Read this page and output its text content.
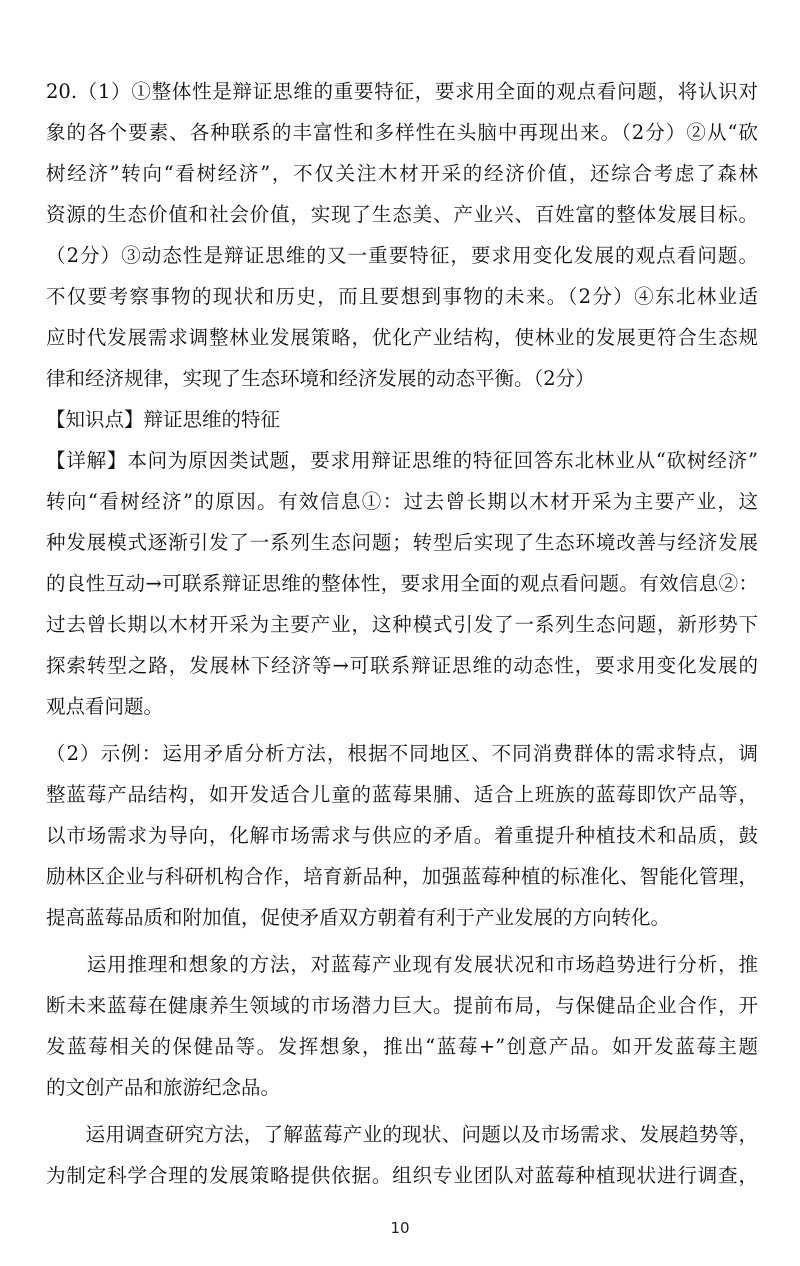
20.（1）①整体性是辩证思维的重要特征，要求用全面的观点看问题，将认识对
象的各个要素、各种联系的丰富性和多样性在头脑中再现出来。（2分）②从“砍
树经济”转向“看树经济”，不仅关注木材开采的经济价值，还综合考虑了森林
资源的生态价值和社会价值，实现了生态美、产业兴、百姓富的整体发展目标。
（2分）③动态性是辩证思维的又一重要特征，要求用变化发展的观点看问题。
不仅要考察事物的现状和历史，而且要想到事物的未来。（2分）④东北林业适
应时代发展需求调整林业发展策略，优化产业结构，使林业的发展更符合生态规
律和经济规律，实现了生态环境和经济发展的动态平衡。（2分）
【知识点】辩证思维的特征
【详解】本问为原因类试题，要求用辩证思维的特征回答东北林业从“砍树经济”
转向“看树经济”的原因。有效信息①：过去曾长期以木材开采为主要产业，这
种发展模式逐渐引发了一系列生态问题；转型后实现了生态环境改善与经济发展
的良性互动→可联系辩证思维的整体性，要求用全面的观点看问题。有效信息②：
过去曾长期以木材开采为主要产业，这种模式引发了一系列生态问题，新形势下
探索转型之路，发展林下经济等→可联系辩证思维的动态性，要求用变化发展的
观点看问题。
（2）示例：运用矛盾分析方法，根据不同地区、不同消费群体的需求特点，调
整蓝莓产品结构，如开发适合儿童的蓝莓果脯、适合上班族的蓝莓即饮产品等，
以市场需求为导向，化解市场需求与供应的矛盾。着重提升种植技术和品质，鼓
励林区企业与科研机构合作，培育新品种，加强蓝莓种植的标准化、智能化管理，
提高蓝莓品质和附加值，促使矛盾双方朝着有利于产业发展的方向转化。
　　运用推理和想象的方法，对蓝莓产业现有发展状况和市场趋势进行分析，推
断未来蓝莓在健康养生领域的市场潜力巨大。提前布局，与保健品企业合作，开
发蓝莓相关的保健品等。发挥想象，推出“蓝莓+”创意产品。如开发蓝莓主题
的文创产品和旅游纪念品。
　　运用调查研究方法，了解蓝莓产业的现状、问题以及市场需求、发展趋势等，
为制定科学合理的发展策略提供依据。组织专业团队对蓝莓种植现状进行调查，
10
